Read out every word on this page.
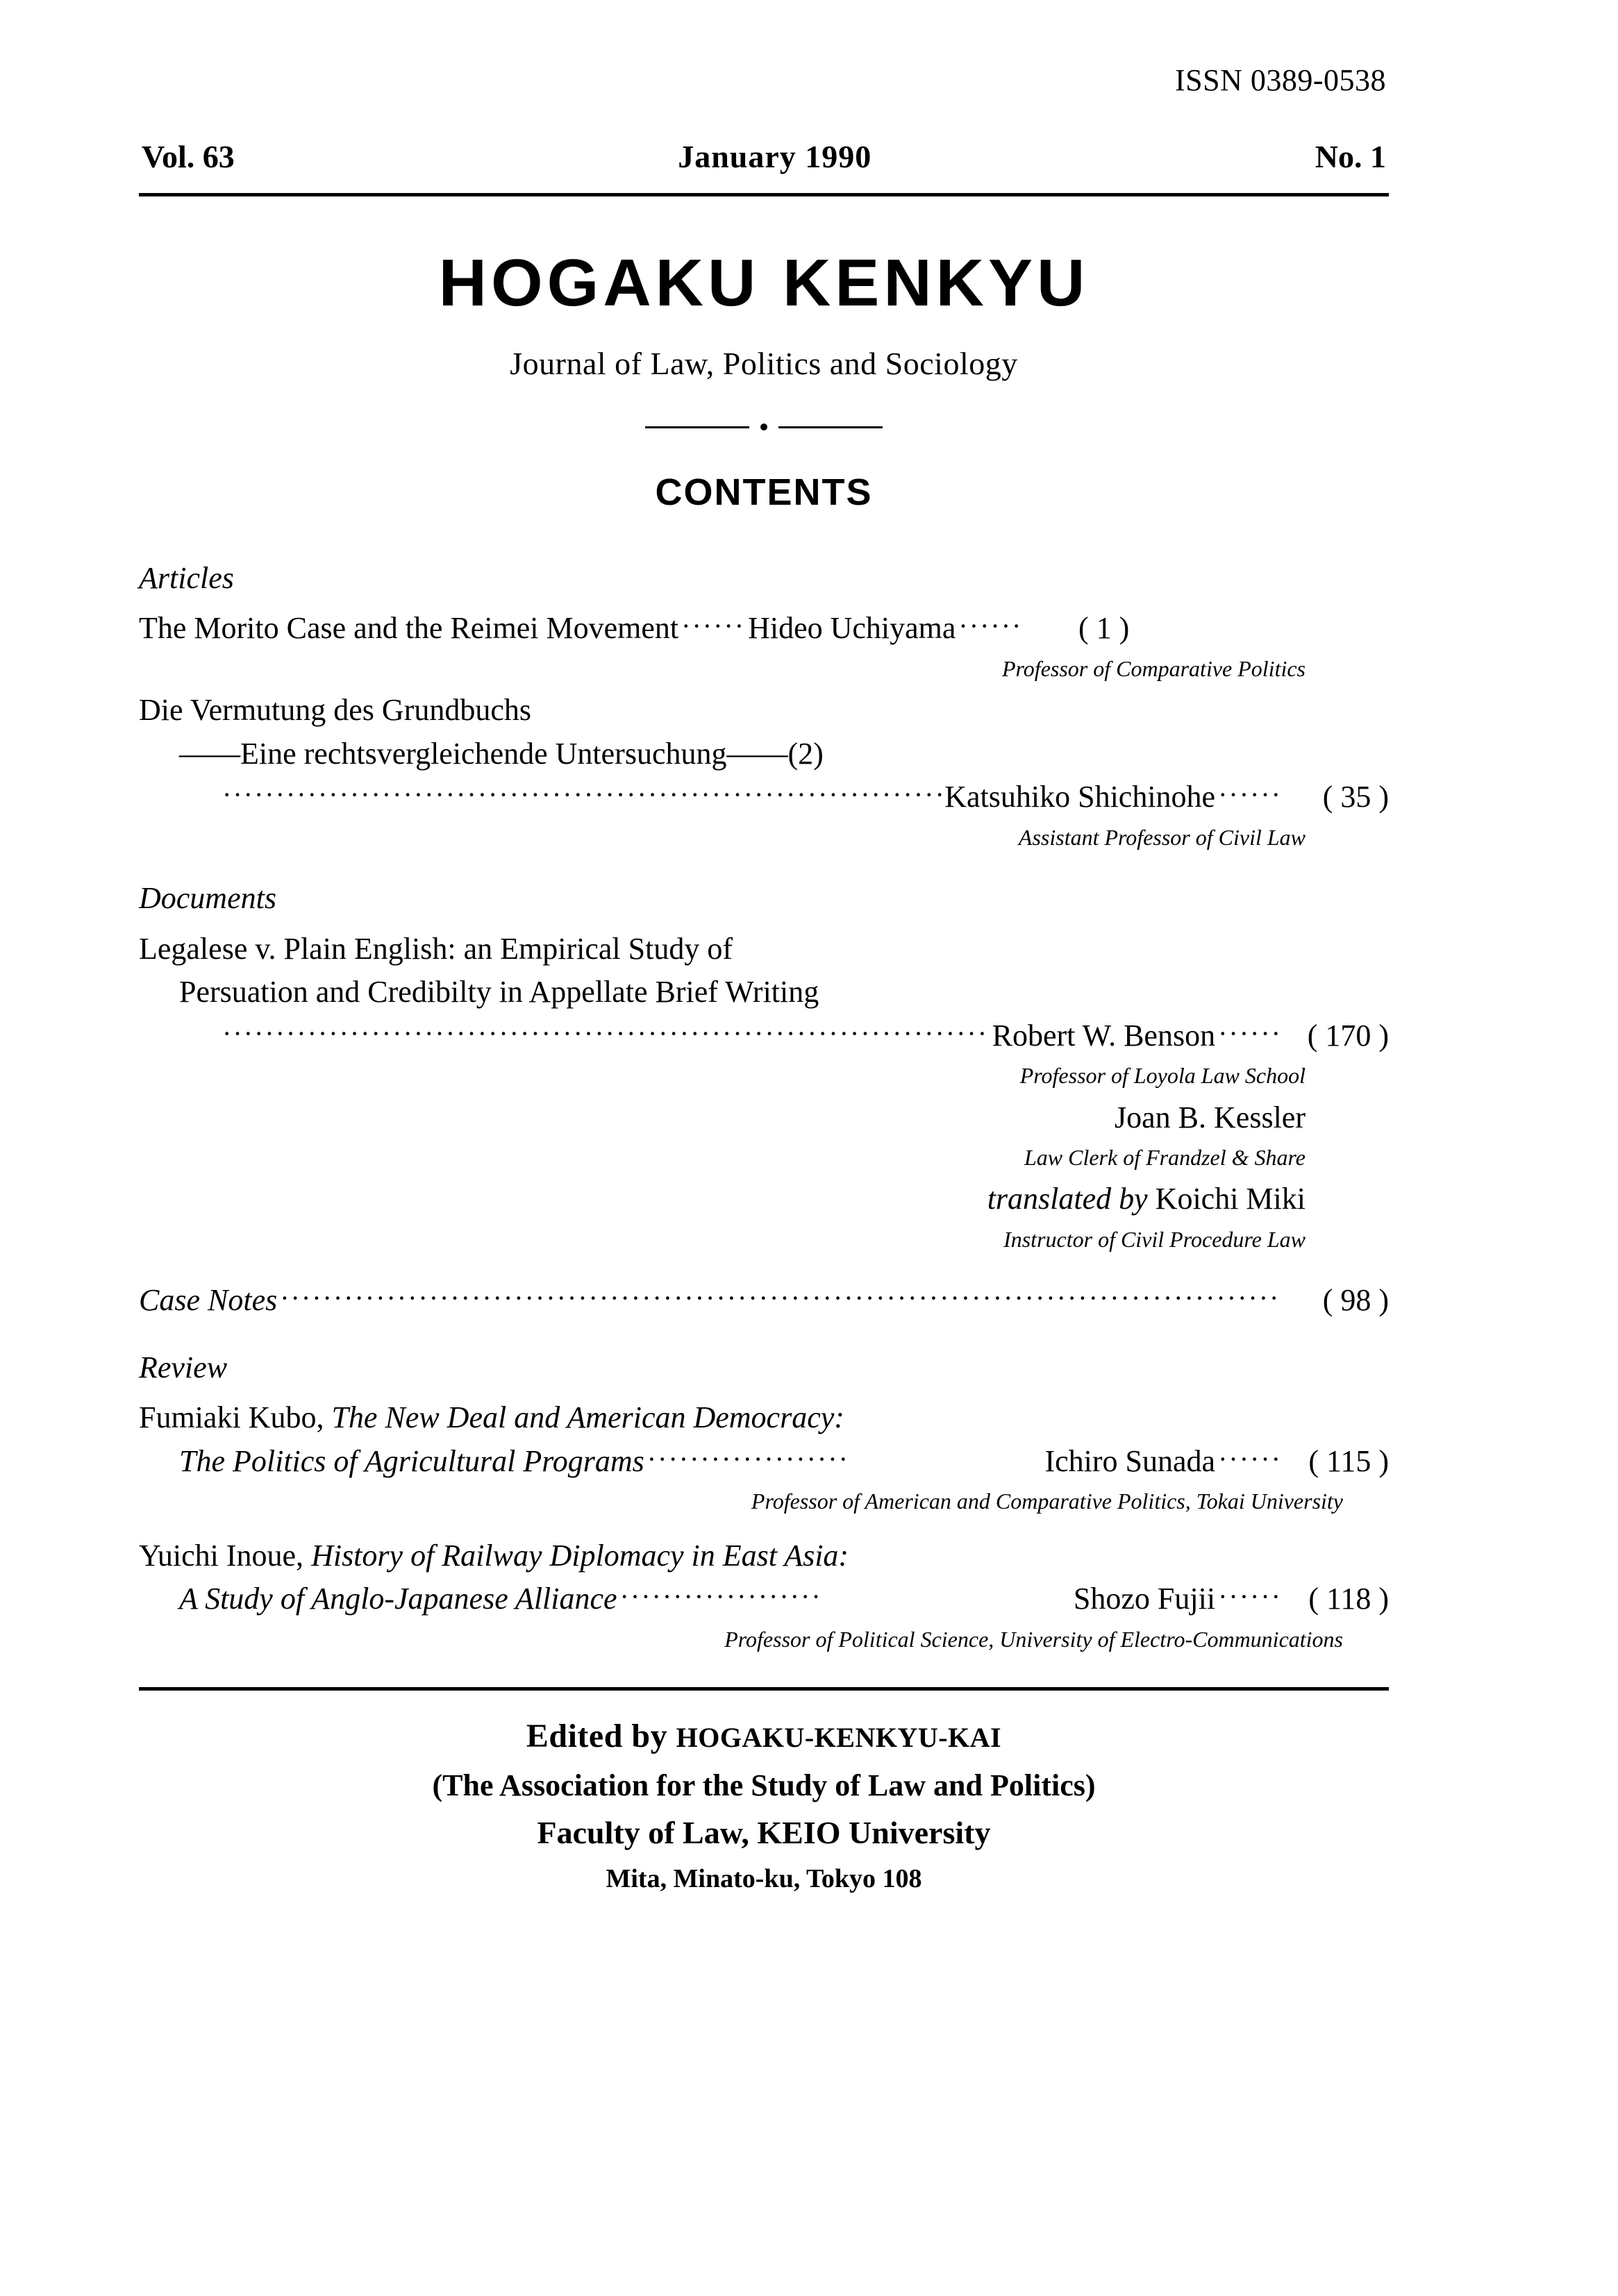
ISSN 0389-0538
Vol. 63	January 1990	No. 1
HOGAKU KENKYU
Journal of Law, Politics and Sociology
CONTENTS
Articles
The Morito Case and the Reimei Movement ······ Hideo Uchiyama ······	( 1 )
Professor of Comparative Politics
Die Vermutung des Grundbuchs
——Eine rechtsvergleichende Untersuchung——(2)
·····
Katsuhiko Shichinohe ······	( 35 )
Assistant Professor of Civil Law
Documents
Legalese v. Plain English: an Empirical Study of
Persuation and Credibilty in Appellate Brief Writing
·····
Robert W. Benson ······	( 170 )
Professor of Loyola Law School
Joan B. Kessler
Law Clerk of Frandzel & Share
translated by Koichi Miki
Instructor of Civil Procedure Law
Case Notes ·····	( 98 )
Review
Fumiaki Kubo, The New Deal and American Democracy:
The Politics of Agricultural Programs ·····	Ichiro Sunada ······	( 115 )
Professor of American and Comparative Politics, Tokai University
Yuichi Inoue, History of Railway Diplomacy in East Asia:
A Study of Anglo-Japanese Alliance ·····	Shozo Fujii ······	( 118 )
Professor of Political Science, University of Electro-Communications
Edited by HOGAKU-KENKYU-KAI
(The Association for the Study of Law and Politics)
Faculty of Law, KEIO University
Mita, Minato-ku, Tokyo 108
